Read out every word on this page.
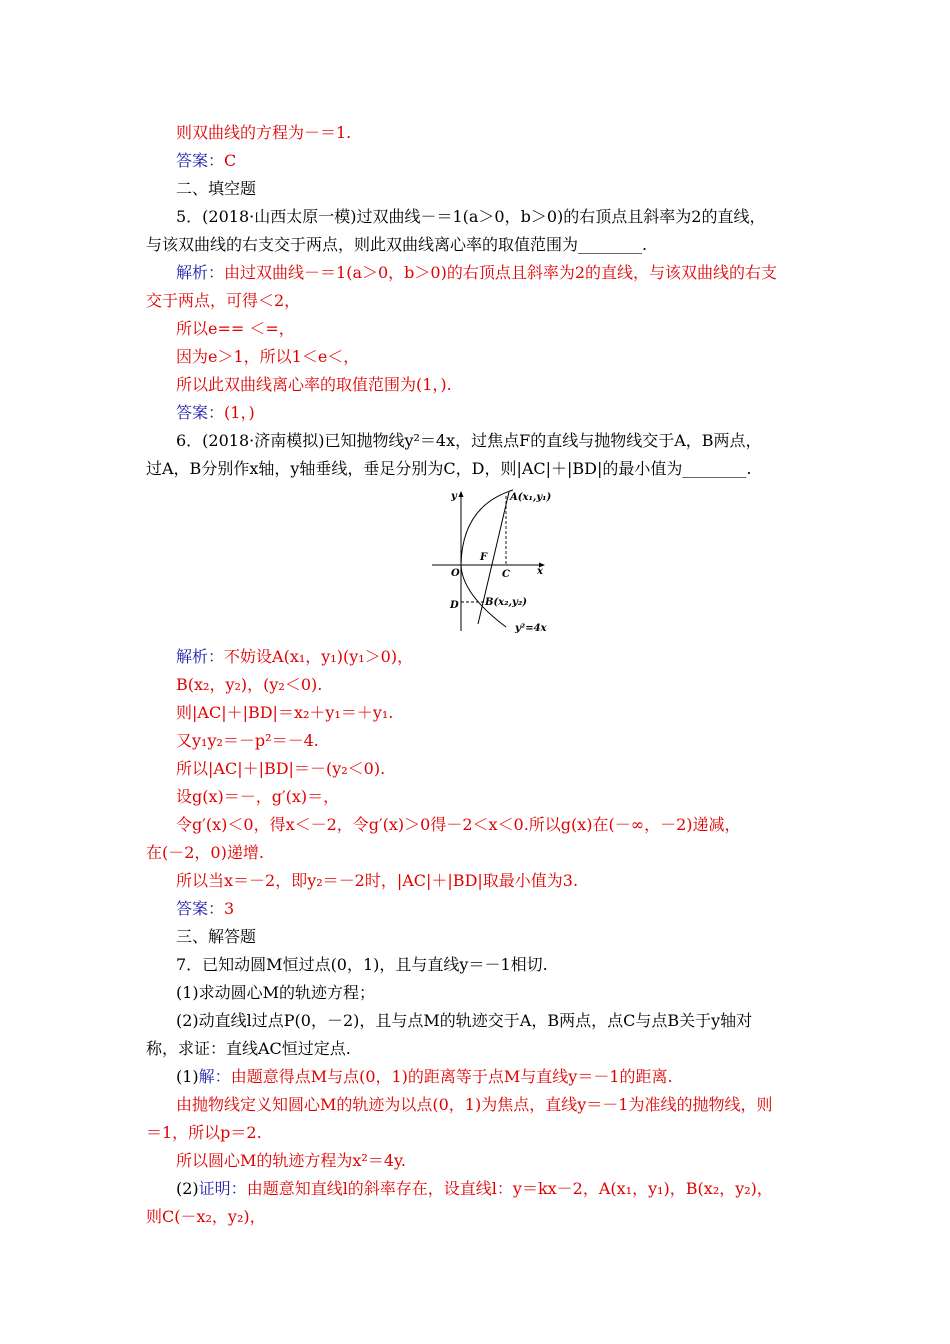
则双曲线的方程为－＝1.
答案：C
二、填空题
5．(2018·山西太原一模)过双曲线－＝1(a＞0，b＞0)的右顶点且斜率为2的直线，
与该双曲线的右支交于两点，则此双曲线离心率的取值范围为________.
解析：由过双曲线－＝1(a＞0，b＞0)的右顶点且斜率为2的直线，与该双曲线的右支
交于两点，可得＜2，
所以e== ＜=，
因为e＞1，所以1＜e＜，
所以此双曲线离心率的取值范围为(1，).
答案：(1，)
6．(2018·济南模拟)已知抛物线y²＝4x，过焦点F的直线与抛物线交于A，B两点，
过A，B分别作x轴，y轴垂线，垂足分别为C，D，则|AC|＋|BD|的最小值为________.
y
x
O
F
C
D
A(x₁,y₁)
B(x₂,y₂)
y²=4x
解析：不妨设A(x₁，y₁)(y₁＞0)，
B(x₂，y₂)，(y₂＜0).
则|AC|＋|BD|＝x₂＋y₁＝＋y₁.
又y₁y₂＝－p²＝－4.
所以|AC|＋|BD|＝－(y₂＜0).
设g(x)＝－，g′(x)＝，
令g′(x)＜0，得x＜－2，令g′(x)＞0得－2＜x＜0.所以g(x)在(－∞，－2)递减，
在(－2，0)递增.
所以当x＝－2，即y₂＝－2时，|AC|＋|BD|取最小值为3.
答案：3
三、解答题
7．已知动圆M恒过点(0，1)，且与直线y＝－1相切.
(1)求动圆心M的轨迹方程；
(2)动直线l过点P(0，－2)，且与点M的轨迹交于A，B两点，点C与点B关于y轴对
称，求证：直线AC恒过定点.
(1)解：由题意得点M与点(0，1)的距离等于点M与直线y＝－1的距离.
由抛物线定义知圆心M的轨迹为以点(0，1)为焦点，直线y＝－1为准线的抛物线，则
＝1，所以p＝2.
所以圆心M的轨迹方程为x²＝4y.
(2)证明：由题意知直线l的斜率存在，设直线l：y＝kx－2，A(x₁，y₁)，B(x₂，y₂)，
则C(－x₂，y₂)，
